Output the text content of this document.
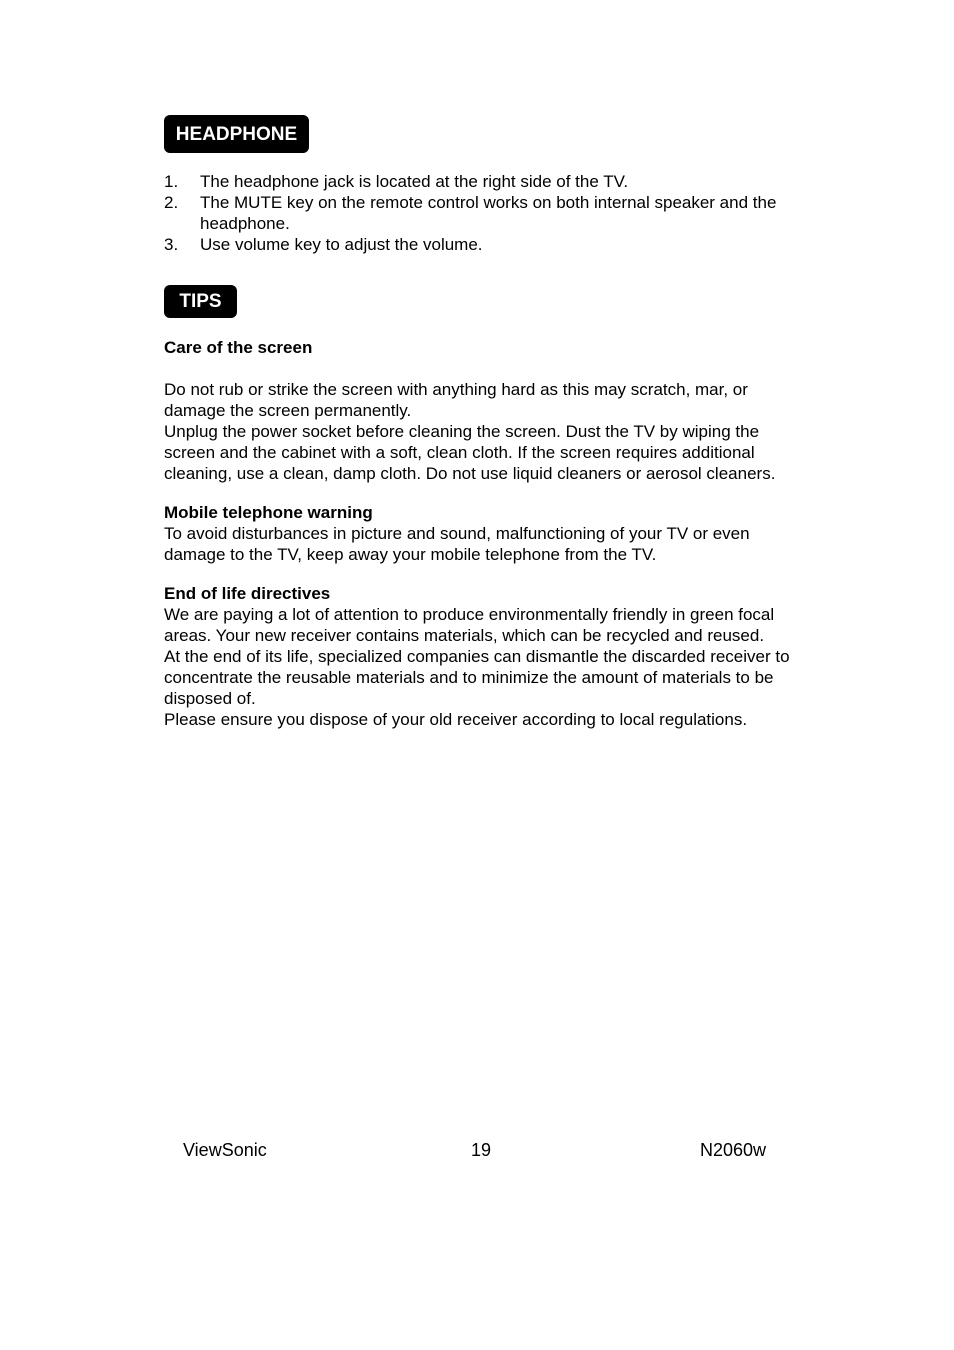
HEADPHONE
1.	The headphone jack is located at the right side of the TV.
2.	The MUTE key on the remote control works on both internal speaker and the headphone.
3.	Use volume key to adjust the volume.
TIPS

Care of the screen

Do not rub or strike the screen with anything hard as this may scratch, mar, or damage the screen permanently.

Unplug the power socket before cleaning the screen. Dust the TV by wiping the screen and the cabinet with a soft, clean cloth. If the screen requires additional cleaning, use a clean, damp cloth. Do not use liquid cleaners or aerosol cleaners.

Mobile telephone warning

To avoid disturbances in picture and sound, malfunctioning of your TV or even damage to the TV, keep away your mobile telephone from the TV.

End of life directives

We are paying a lot of attention to produce environmentally friendly in green focal areas. Your new receiver contains materials, which can be recycled and reused.

At the end of its life, specialized companies can dismantle the discarded receiver to concentrate the reusable materials and to minimize the amount of materials to be disposed of.

Please ensure you dispose of your old receiver according to local regulations.

ViewSonic	19	N2060w
